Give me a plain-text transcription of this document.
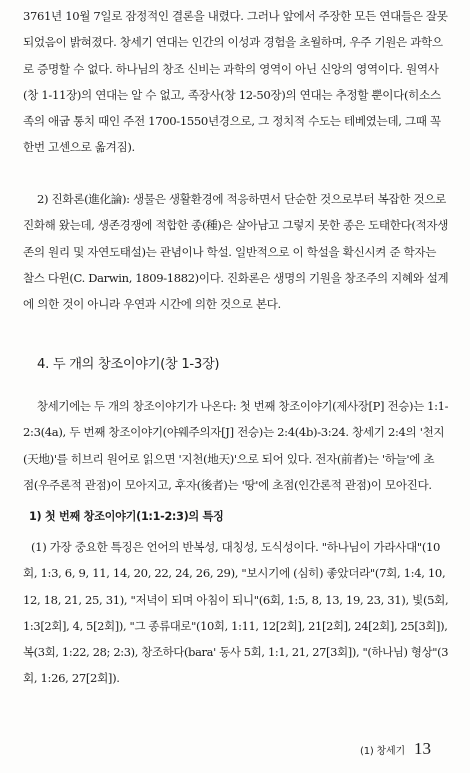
3761년 10월 7일로 잠정적인 결론을 내렸다. 그러나 앞에서 주장한 모든 연대들은 잘못
되었음이 밝혀졌다. 창세기 연대는 인간의 이성과 경험을 초월하며, 우주 기원은 과학으
로 증명할 수 없다. 하나님의 창조 신비는 과학의 영역이 아닌 신앙의 영역이다. 원역사
(창 1-11장)의 연대는 알 수 없고, 족장사(창 12-50장)의 연대는 추정할 뿐이다(히소스
족의 애굽 통치 때인 주전 1700-1550년경으로, 그 정치적 수도는 테베였는데, 그때 꼭
한번 고센으로 옮겨짐).
2) 진화론(進化論): 생물은 생활환경에 적응하면서 단순한 것으로부터 복잡한 것으로
진화해 왔는데, 생존경쟁에 적합한 종(種)은 살아남고 그렇지 못한 종은 도태한다(적자생
존의 원리 및 자연도태설)는 관념이나 학설. 일반적으로 이 학설을 확신시켜 준 학자는
찰스 다윈(C. Darwin, 1809-1882)이다. 진화론은 생명의 기원을 창조주의 지혜와 설계
에 의한 것이 아니라 우연과 시간에 의한 것으로 본다.
4. 두 개의 창조이야기(창 1-3장)
창세기에는 두 개의 창조이야기가 나온다: 첫 번째 창조이야기(제사장[P] 전승)는 1:1-
2:3(4a), 두 번째 창조이야기(야웨주의자[J] 전승)는 2:4(4b)-3:24. 창세기 2:4의 '천지
(天地)'를 히브리 원어로 읽으면 '지천(地天)'으로 되어 있다. 전자(前者)는 '하늘'에 초
점(우주론적 관점)이 모아지고, 후자(後者)는 '땅'에 초점(인간론적 관점)이 모아진다.
1) 첫 번째 창조이야기(1:1-2:3)의 특징
(1) 가장 중요한 특징은 언어의 반복성, 대칭성, 도식성이다. "하나님이 가라사대"(10
회, 1:3, 6, 9, 11, 14, 20, 22, 24, 26, 29), "보시기에 (심히) 좋았더라"(7회, 1:4, 10,
12, 18, 21, 25, 31), "저녁이 되며 아침이 되니"(6회, 1:5, 8, 13, 19, 23, 31), 빛(5회,
1:3[2회], 4, 5[2회]), "그 종류대로"(10회, 1:11, 12[2회], 21[2회], 24[2회], 25[3회]),
복(3회, 1:22, 28; 2:3), 창조하다(bara' 동사 5회, 1:1, 21, 27[3회]), "(하나님) 형상"(3
회, 1:26, 27[2회]).
(1) 창세기 13
